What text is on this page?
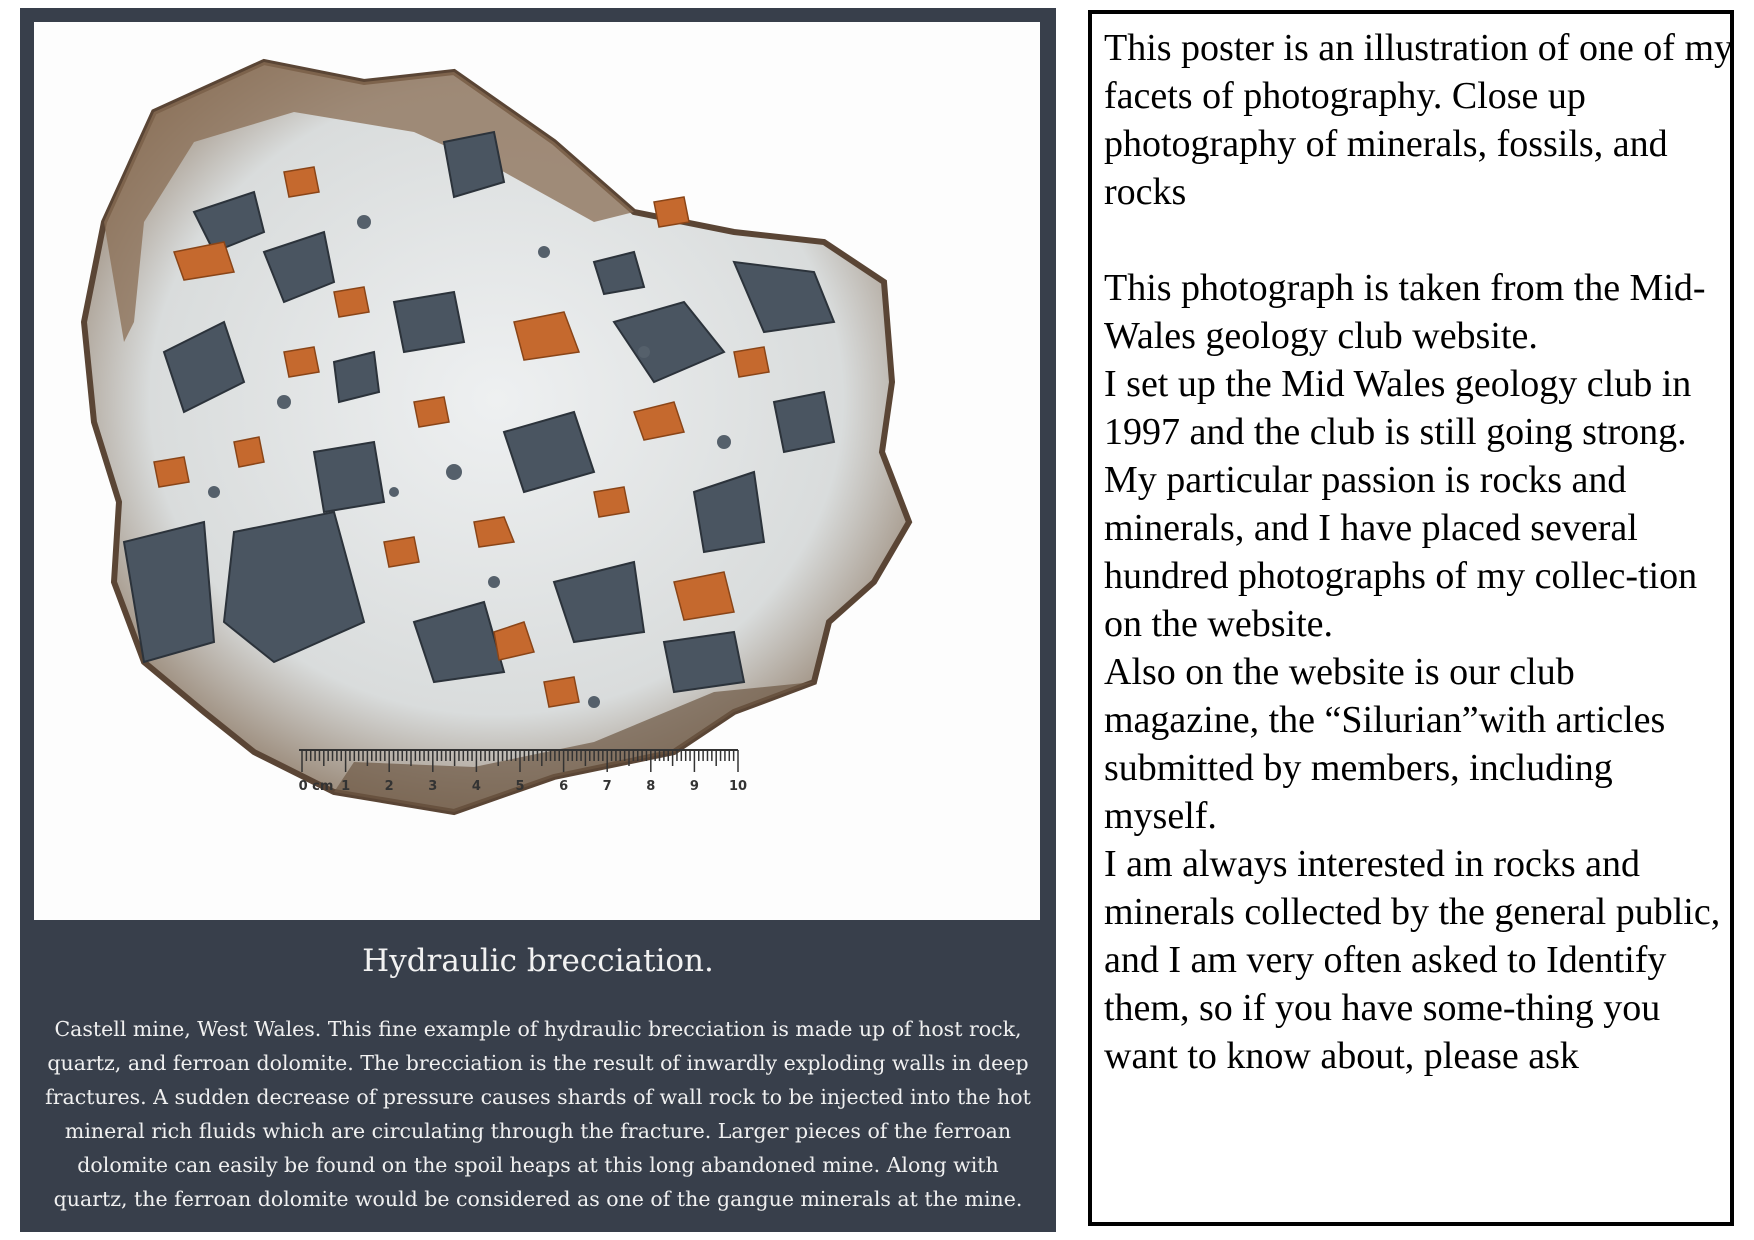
0 cm 1	2	3	4	5	6	7	8	9 10
Hydraulic brecciation.
Castell mine, West Wales. This fine example of hydraulic brecciation is made up of host rock, quartz, and ferroan dolomite. The brecciation is the result of inwardly exploding walls in deep fractures. A sudden decrease of pressure causes shards of wall rock to be injected into the hot mineral rich fluids which are circulating through the fracture. Larger pieces of the ferroan dolomite can easily be found on the spoil heaps at this long abandoned mine. Along with quartz, the ferroan dolomite would be considered as one of the gangue minerals at the mine.

This poster is an illustration of one of my facets of photography. Close up photography of minerals, fossils, and rocks

This photograph is taken from the Mid-Wales geology club website.

I set up the Mid Wales geology club in 1997 and the club is still going strong.

My particular passion is rocks and minerals, and I have placed several hundred photographs of my collec-tion on the website.

Also on the website is our club magazine, the “Silurian”with articles submitted by members, including myself.

I am always interested in rocks and minerals collected by the general public, and I am very often asked to Identify them, so if you have some-thing you want to know about, please ask
